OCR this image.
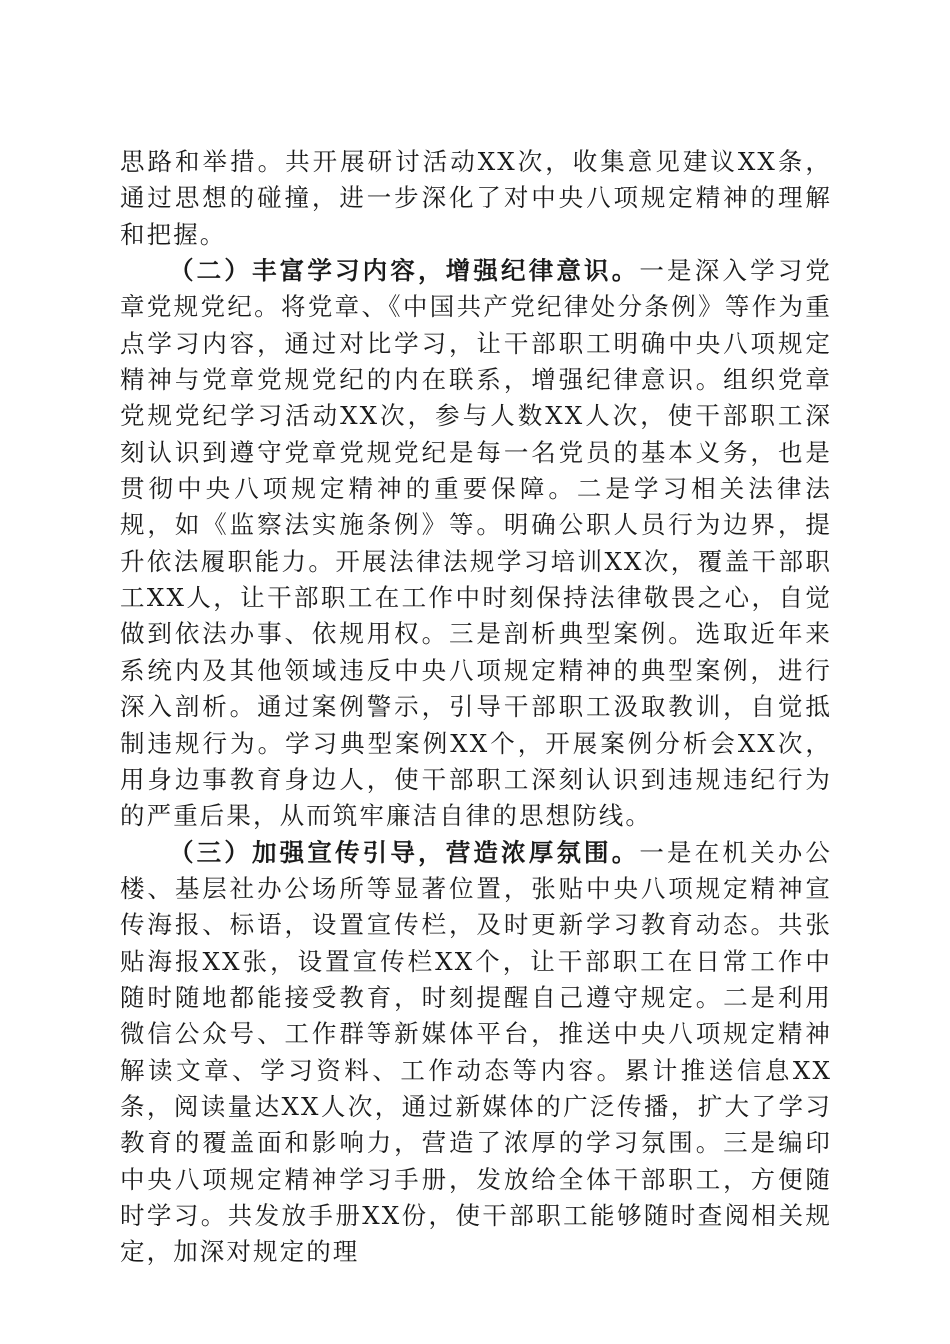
思路和举措。共开展研讨活动XX次，收集意见建议XX条，通过思想的碰撞，进一步深化了对中央八项规定精神的理解和把握。

（二）丰富学习内容，增强纪律意识。一是深入学习党章党规党纪。将党章、《中国共产党纪律处分条例》等作为重点学习内容，通过对比学习，让干部职工明确中央八项规定精神与党章党规党纪的内在联系，增强纪律意识。组织党章党规党纪学习活动XX次，参与人数XX人次，使干部职工深刻认识到遵守党章党规党纪是每一名党员的基本义务，也是贯彻中央八项规定精神的重要保障。二是学习相关法律法规，如《监察法实施条例》等。明确公职人员行为边界，提升依法履职能力。开展法律法规学习培训XX次，覆盖干部职工XX人，让干部职工在工作中时刻保持法律敬畏之心，自觉做到依法办事、依规用权。三是剖析典型案例。选取近年来系统内及其他领域违反中央八项规定精神的典型案例，进行深入剖析。通过案例警示，引导干部职工汲取教训，自觉抵制违规行为。学习典型案例XX个，开展案例分析会XX次，用身边事教育身边人，使干部职工深刻认识到违规违纪行为的严重后果，从而筑牢廉洁自律的思想防线。

（三）加强宣传引导，营造浓厚氛围。一是在机关办公楼、基层社办公场所等显著位置，张贴中央八项规定精神宣传海报、标语，设置宣传栏，及时更新学习教育动态。共张贴海报XX张，设置宣传栏XX个，让干部职工在日常工作中随时随地都能接受教育，时刻提醒自己遵守规定。二是利用微信公众号、工作群等新媒体平台，推送中央八项规定精神解读文章、学习资料、工作动态等内容。累计推送信息XX条，阅读量达XX人次，通过新媒体的广泛传播，扩大了学习教育的覆盖面和影响力，营造了浓厚的学习氛围。三是编印中央八项规定精神学习手册，发放给全体干部职工，方便随时学习。共发放手册XX份，使干部职工能够随时查阅相关规定，加深对规定的理
